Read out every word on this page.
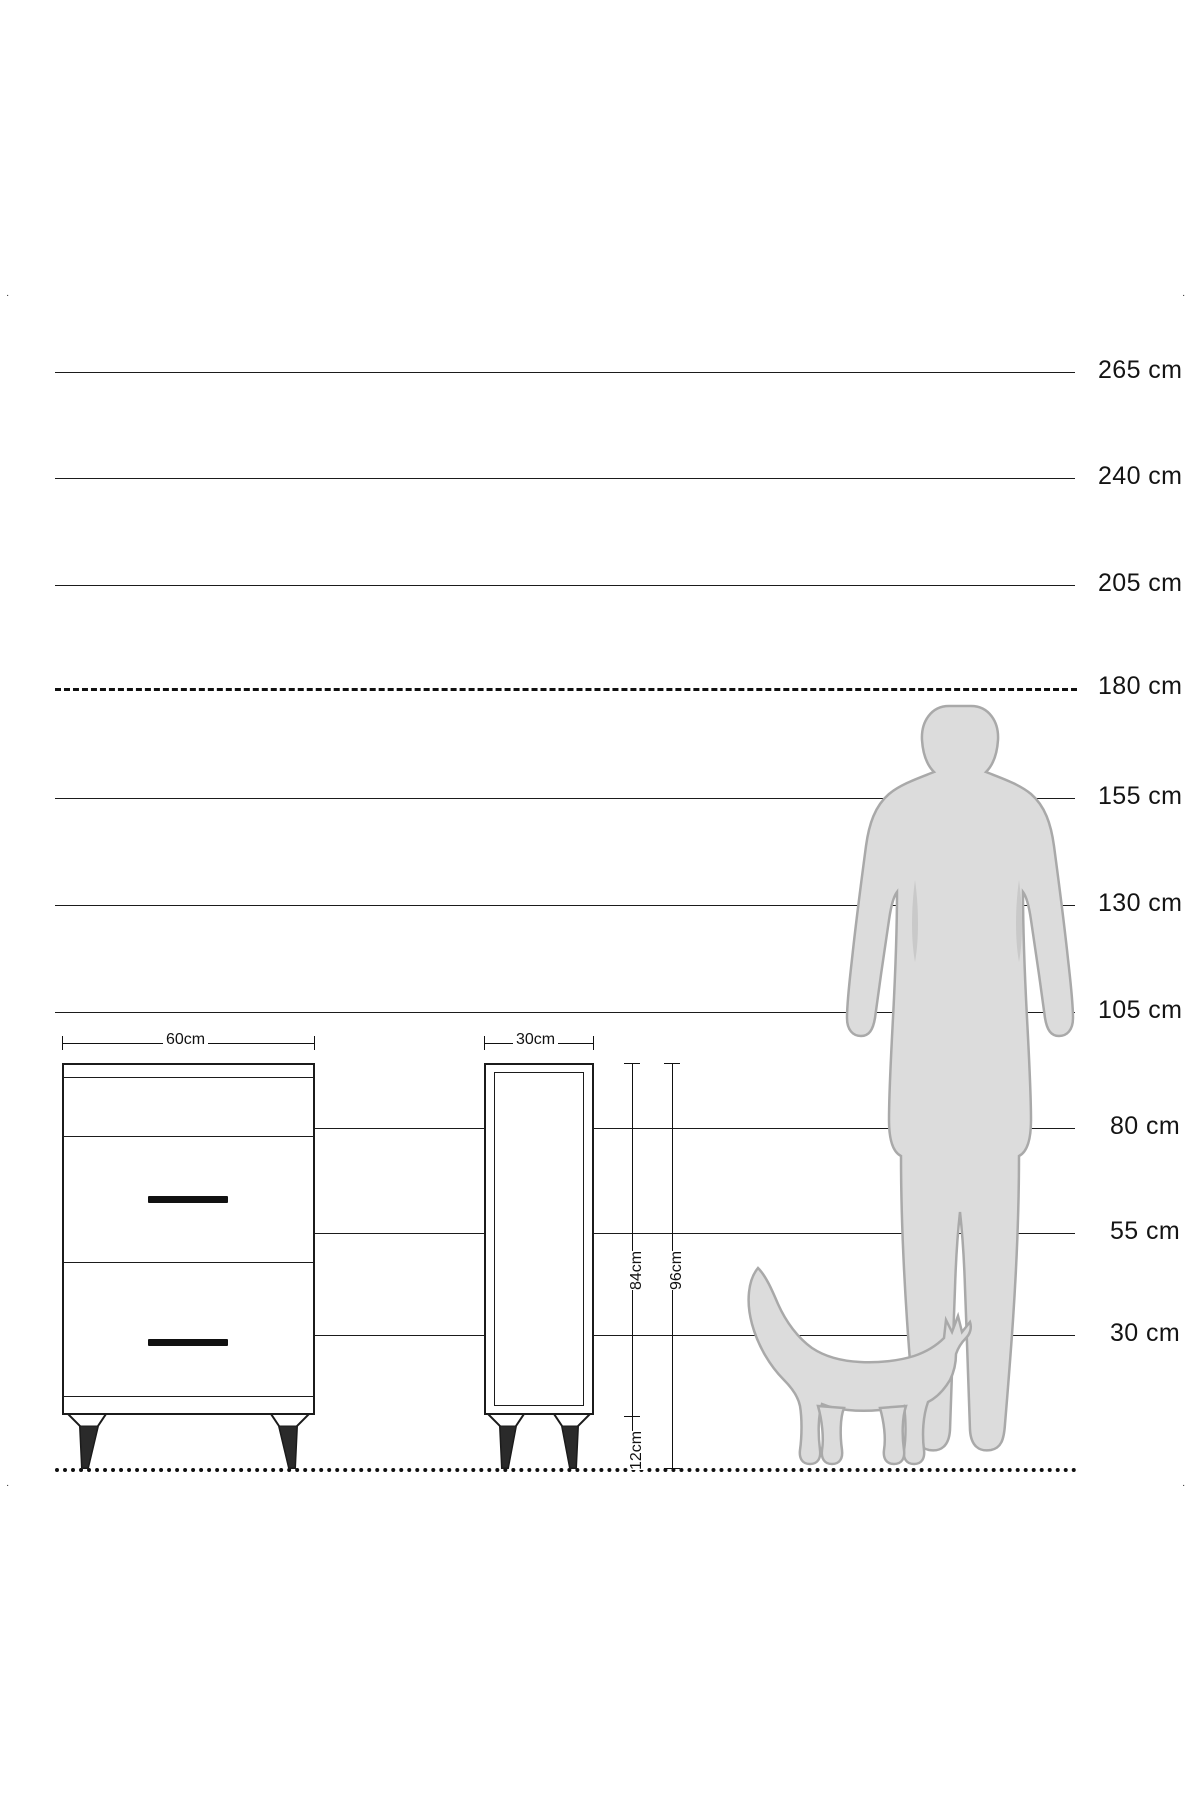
·	·
·	·
265 cm
240 cm
205 cm
180 cm
155 cm
130 cm
105 cm
80 cm
55 cm
30 cm
60cm	30cm
84cm 96cm
12cm
